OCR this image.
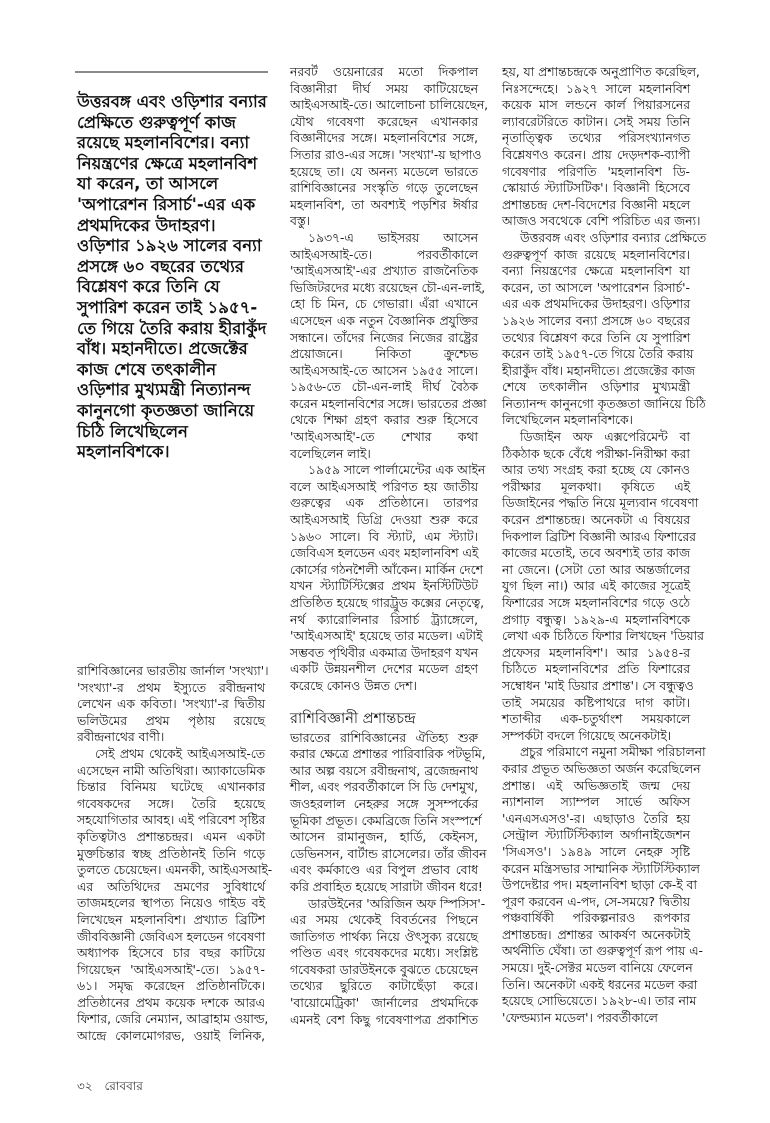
উত্তরবঙ্গ এবং ওড়িশার বন্যার
প্রেক্ষিতে গুরুত্বপূর্ণ কাজ
রয়েছে মহলানবিশের। বন্যা
নিয়ন্ত্রণের ক্ষেত্রে মহলানবিশ
যা করেন, তা আসলে
'অপারেশন রিসার্চ'-এর এক
প্রথমদিকের উদাহরণ।
ওড়িশার ১৯২৬ সালের বন্যা
প্রসঙ্গে ৬০ বছরের তথ্যের
বিশ্লেষণ করে তিনি যে
সুপারিশ করেন তাই ১৯৫৭-
তে গিয়ে তৈরি করায় হীরাকুঁদ
বাঁধ। মহানদীতে। প্রজেক্টের
কাজ শেষে তৎকালীন
ওড়িশার মুখ্যমন্ত্রী নিত্যানন্দ
কানুনগো কৃতজ্ঞতা জানিয়ে
চিঠি লিখেছিলেন
মহলানবিশকে।
রাশিবিজ্ঞানের ভারতীয় জার্নাল 'সংখ্যা'।
'সংখ্যা'-র প্রথম ইস্যুতে রবীন্দ্রনাথ
লেখেন এক কবিতা। 'সংখ্যা'-র দ্বিতীয়
ভলিউমের প্রথম পৃষ্ঠায় রয়েছে
রবীন্দ্রনাথের বাণী।
সেই প্রথম থেকেই আইএসআই-তে
এসেছেন নামী অতিথিরা। অ্যাকাডেমিক
চিন্তার বিনিময় ঘটেছে এখানকার
গবেষকদের সঙ্গে। তৈরি হয়েছে
সহযোগিতার আবহ। এই পরিবেশ সৃষ্টির
কৃতিত্বটাও প্রশান্তচন্দ্রর। এমন একটা
মুক্তচিন্তার স্বচ্ছ প্রতিষ্ঠানই তিনি গড়ে
তুলতে চেয়েছেন। এমনকী, আইএসআই-
এর অতিথিদের ভ্রমণের সুবিধার্থে
তাজমহলের স্থাপত্য নিয়েও গাইড বই
লিখেছেন মহলানবিশ। প্রখ্যাত ব্রিটিশ
জীববিজ্ঞানী জেবিএস হলডেন গবেষণা
অধ্যাপক হিসেবে চার বছর কাটিয়ে
গিয়েছেন 'আইএসআই'-তে। ১৯৫৭-
৬১। সমৃদ্ধ করেছেন প্রতিষ্ঠানটিকে।
প্রতিষ্ঠানের প্রথম কয়েক দশকে আরএ
ফিশার, জেরি নেম্যান, আব্রাহাম ওয়াল্ড,
আন্দ্রে কোলমোগরভ, ওয়াই লিনিক,
নরবর্ট ওয়েনারের মতো দিকপাল
বিজ্ঞানীরা দীর্ঘ সময় কাটিয়েছেন
আইএসআই-তে। আলোচনা চালিয়েছেন,
যৌথ গবেষণা করেছেন এখানকার
বিজ্ঞানীদের সঙ্গে। মহলানবিশের সঙ্গে,
সিতার রাও-এর সঙ্গে। 'সংখ্যা'-য় ছাপাও
হয়েছে তা। যে অনন্য মডেলে ভারতে
রাশিবিজ্ঞানের সংস্কৃতি গড়ে তুলেছেন
মহলানবিশ, তা অবশ্যই পড়শির ঈর্ষার
বস্তু।
১৯৩৭-এ ভাইসরয় আসেন
আইএসআই-তে। পরবর্তীকালে
'আইএসআই'-এর প্রখ্যাত রাজনৈতিক
ভিজিটরদের মধ্যে রয়েছেন চৌ-এন-লাই,
হো চি মিন, চে গেভারা। এঁরা এখানে
এসেছেন এক নতুন বৈজ্ঞানিক প্রযুক্তির
সন্ধানে। তাঁদের নিজের নিজের রাষ্ট্রের
প্রয়োজনে। নিকিতা ক্রুশ্চেভ
আইএসআই-তে আসেন ১৯৫৫ সালে।
১৯৫৬-তে চৌ-এন-লাই দীর্ঘ বৈঠক
করেন মহলানবিশের সঙ্গে। ভারতের প্রজ্ঞা
থেকে শিক্ষা গ্রহণ করার শুরু হিসেবে
'আইএসআই'-তে শেখার কথা
বলেছিলেন লাই।
১৯৫৯ সালে পার্লামেন্টের এক আইন
বলে আইএসআই পরিণত হয় জাতীয়
গুরুত্বের এক প্রতিষ্ঠানে। তারপর
আইএসআই ডিগ্রি দেওয়া শুরু করে
১৯৬০ সালে। বি স্ট্যাট, এম স্ট্যাট।
জেবিএস হলডেন এবং মহালানবিশ এই
কোর্সের গঠনশৈলী আঁকেন। মার্কিন দেশে
যখন স্ট্যাটিস্টিক্সের প্রথম ইনস্টিটিউট
প্রতিষ্ঠিত হয়েছে গারট্রুড কক্সের নেতৃত্বে,
নর্থ ক্যারোলিনার রিসার্চ ট্র্যাঙ্গেলে,
'আইএসআই' হয়েছে তার মডেল। এটাই
সম্ভবত পৃথিবীর একমাত্র উদাহরণ যখন
একটি উন্নয়নশীল দেশের মডেল গ্রহণ
করেছে কোনও উন্নত দেশ।
রাশিবিজ্ঞানী প্রশান্তচন্দ্র
ভারতের রাশিবিজ্ঞানের ঐতিহ্য শুরু
করার ক্ষেত্রে প্রশান্তর পারিবারিক পটভূমি,
আর অল্প বয়সে রবীন্দ্রনাথ, ব্রজেন্দ্রনাথ
শীল, এবং পরবর্তীকালে সি ডি দেশমুখ,
জওহরলাল নেহরুর সঙ্গে সুসম্পর্কের
ভূমিকা প্রভূত। কেমব্রিজে তিনি সংস্পর্শে
আসেন রামানুজন, হার্ডি, কেইনস,
ডেভিনসন, বার্টান্ড রাসেলের। তাঁর জীবন
এবং কর্মকাণ্ডে এর বিপুল প্রভাব বোধ
করি প্রবাহিত হয়েছে সারাটা জীবন ধরে!
ডারউইনের 'অরিজিন অফ স্পিসিস'-
এর সময় থেকেই বিবর্তনের পিছনে
জাতিগত পার্থক্য নিয়ে ঔৎসুক্য রয়েছে
পণ্ডিত এবং গবেষকদের মধ্যে। সংশ্লিষ্ট
গবেষকরা ডারউইনকে বুঝতে চেয়েছেন
তথ্যের ছুরিতে কাটাছেঁড়া করে।
'বায়োমেট্রিকা' জার্নালের প্রথমদিকে
এমনই বেশ কিছু গবেষণাপত্র প্রকাশিত
হয়, যা প্রশান্তচন্দ্রকে অনুপ্রাণিত করেছিল,
নিঃসন্দেহে। ১৯২৭ সালে মহলানবিশ
কয়েক মাস লন্ডনে কার্ল পিয়ারসনের
ল্যাবরেটরিতে কাটান। সেই সময় তিনি
নৃতাত্ত্বিক তথ্যের পরিসংখ্যানগত
বিশ্লেষণও করেন। প্রায় দেড়দশক-ব্যাপী
গবেষণার পরিণতি 'মহলানবিশ ডি-
স্কোয়ার্ড স্ট্যাটিসটিক'। বিজ্ঞানী হিসেবে
প্রশান্তচন্দ্র দেশ-বিদেশের বিজ্ঞানী মহলে
আজও সবথেকে বেশি পরিচিত এর জন্য।
উত্তরবঙ্গ এবং ওড়িশার বন্যার প্রেক্ষিতে
গুরুত্বপূর্ণ কাজ রয়েছে মহলানবিশের।
বন্যা নিয়ন্ত্রণের ক্ষেত্রে মহলানবিশ যা
করেন, তা আসলে 'অপারেশন রিসার্চ'-
এর এক প্রথমদিকের উদাহরণ। ওড়িশার
১৯২৬ সালের বন্যা প্রসঙ্গে ৬০ বছরের
তথ্যের বিশ্লেষণ করে তিনি যে সুপারিশ
করেন তাই ১৯৫৭-তে গিয়ে তৈরি করায়
হীরাকুঁদ বাঁধ। মহানদীতে। প্রজেক্টের কাজ
শেষে তৎকালীন ওড়িশার মুখ্যমন্ত্রী
নিত্যানন্দ কানুনগো কৃতজ্ঞতা জানিয়ে চিঠি
লিখেছিলেন মহলানবিশকে।
ডিজাইন অফ এক্সপেরিমেন্ট বা
ঠিকঠাক ছকে বেঁধে পরীক্ষা-নিরীক্ষা করা
আর তথ্য সংগ্রহ করা হচ্ছে যে কোনও
পরীক্ষার মূলকথা। কৃষিতে এই
ডিজাইনের পদ্ধতি নিয়ে মূল্যবান গবেষণা
করেন প্রশান্তচন্দ্র। অনেকটা এ বিষয়ের
দিকপাল ব্রিটিশ বিজ্ঞানী আরএ ফিশারের
কাজের মতোই, তবে অবশ্যই তার কাজ
না জেনে। (সেটা তো আর অন্তর্জালের
যুগ ছিল না।) আর এই কাজের সূত্রেই
ফিশারের সঙ্গে মহলানবিশের গড়ে ওঠে
প্রগাঢ় বন্ধুত্ব। ১৯২৯-এ মহলানবিশকে
লেখা এক চিঠিতে ফিশার লিখছেন 'ডিয়ার
প্রফেসর মহলানবিশ'। আর ১৯৫৪-র
চিঠিতে মহলানবিশের প্রতি ফিশারের
সম্বোধন 'মাই ডিয়ার প্রশান্ত'। সে বন্ধুত্বও
তাই সময়ের কষ্টিপাথরে দাগ কাটা।
শতাব্দীর এক-চতুর্থাংশ সময়কালে
সম্পর্কটা বদলে গিয়েছে অনেকটাই।
প্রচুর পরিমাণে নমুনা সমীক্ষা পরিচালনা
করার প্রভূত অভিজ্ঞতা অর্জন করেছিলেন
প্রশান্ত। এই অভিজ্ঞতাই জন্ম দেয়
ন্যাশনাল স্যাম্পল সার্ভে অফিস
'এনএসএসও'-র। এছাড়াও তৈরি হয়
সেন্ট্রাল স্ট্যাটিস্টিক্যাল অর্গানাইজেশন
'সিএসও'। ১৯৪৯ সালে নেহরু সৃষ্টি
করেন মন্ত্রিসভার সাম্মানিক স্ট্যাটিস্টিক্যাল
উপদেষ্টার পদ। মহলানবিশ ছাড়া কে-ই বা
পূরণ করবেন এ-পদ, সে-সময়ে? দ্বিতীয়
পঞ্চবার্ষিকী পরিকল্পনারও রূপকার
প্রশান্তচন্দ্র। প্রশান্তর আকর্ষণ অনেকটাই
অর্থনীতি ঘেঁষা। তা গুরুত্বপূর্ণ রূপ পায় এ-
সময়ে। দুই-সেক্টর মডেল বানিয়ে ফেলেন
তিনি। অনেকটা একই ধরনের মডেল করা
হয়েছে সোভিয়েতে। ১৯২৮-এ। তার নাম
'ফেল্ডম্যান মডেল'। পরবর্তীকালে
৩২ রোববার
